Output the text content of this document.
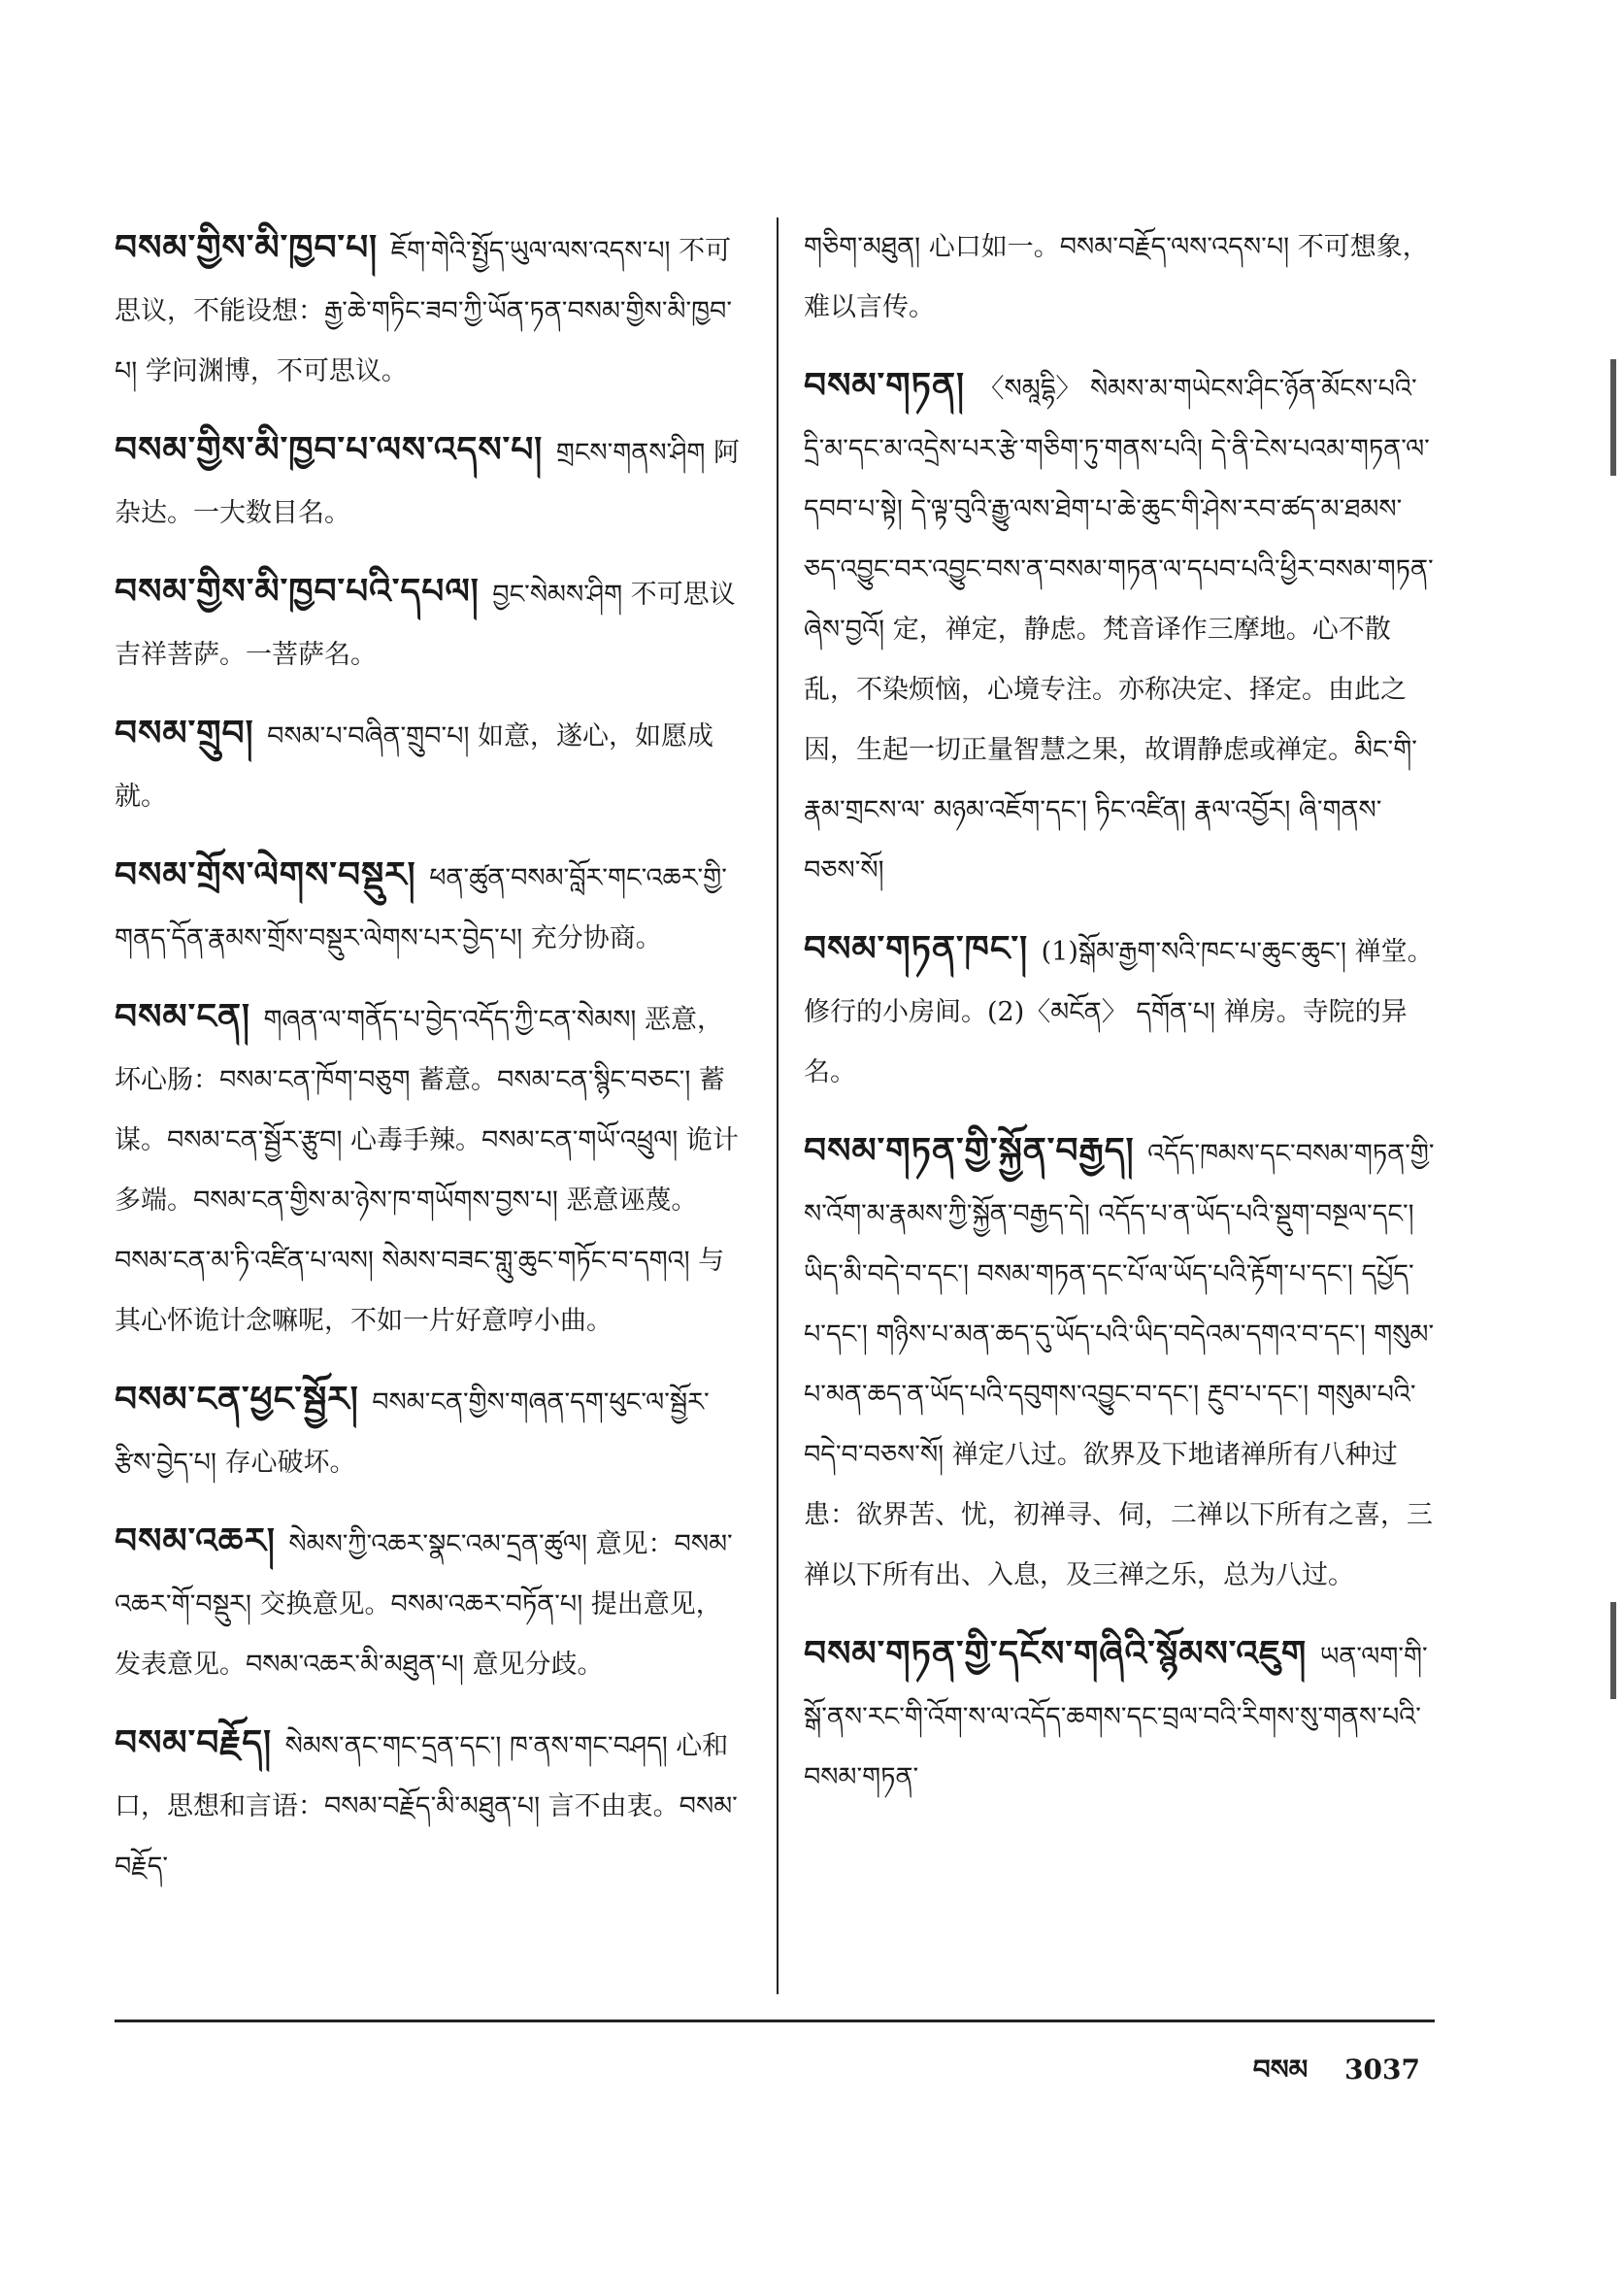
བསམ་གྱིས་མི་ཁྱབ་པ། ཇོག་གེའི་སྤྱོད་ཡུལ་ལས་འདས་པ། 不可思议，不能设想：རྒྱ་ཆེ་གཏིང་ཟབ་ཀྱི་ཡོན་ཏན་བསམ་གྱིས་མི་ཁྱབ་པ། 学问渊博，不可思议。
བསམ་གྱིས་མི་ཁྱབ་པ་ལས་འདས་པ། གྲངས་གནས་ཤིག 阿杂达。一大数目名。
བསམ་གྱིས་མི་ཁྱབ་པའི་དཔལ། བྱང་སེམས་ཤིག 不可思议吉祥菩萨。一菩萨名。
བསམ་གྲུབ། བསམ་པ་བཞིན་གྲུབ་པ། 如意，遂心，如愿成就。
བསམ་གྲོས་ལེགས་བསྡུར། ཕན་ཚུན་བསམ་བློར་གང་འཆར་གྱི་གནད་དོན་རྣམས་གྲོས་བསྡུར་ལེགས་པར་བྱེད་པ། 充分协商。
བསམ་ངན། གཞན་ལ་གནོད་པ་བྱེད་འདོད་ཀྱི་ངན་སེམས། 恶意，坏心肠：བསམ་ངན་ཁོག་བཅུག 蓄意。བསམ་ངན་སྙིང་བཅང་། 蓄谋。བསམ་ངན་སྦྱོར་རྩུབ། 心毒手辣。བསམ་ངན་གཡོ་འཕྲུལ། 诡计多端。བསམ་ངན་གྱིས་མ་ཉེས་ཁ་གཡོགས་བྱས་པ། 恶意诬蔑。བསམ་ངན་མ་ཏི་འཛིན་པ་ལས། སེམས་བཟང་གླུ་ཆུང་གཏོང་བ་དགའ། 与其心怀诡计念嘛呢，不如一片好意哼小曲。
བསམ་ངན་ཕྱང་སྦྱོར། བསམ་ངན་གྱིས་གཞན་དག་ཕུང་ལ་སྦྱོར་རྩིས་བྱེད་པ། 存心破坏。
བསམ་འཆར། སེམས་ཀྱི་འཆར་སྣང་འམ་དྲན་ཚུལ། 意见：བསམ་འཆར་གོ་བསྡུར། 交换意见。བསམ་འཆར་བཏོན་པ། 提出意见，发表意见。བསམ་འཆར་མི་མཐུན་པ། 意见分歧。
བསམ་བརྗོད། སེམས་ནང་གང་དྲན་དང་། ཁ་ནས་གང་བཤད། 心和口，思想和言语：བསམ་བརྗོད་མི་མཐུན་པ། 言不由衷。བསམ་བརྗོད་
གཅིག་མཐུན། 心口如一。བསམ་བརྗོད་ལས་འདས་པ། 不可想象，难以言传。
བསམ་གཏན། 〈སམཱདྷི〉 སེམས་མ་གཡེངས་ཤིང་ཉོན་མོངས་པའི་དྲི་མ་དང་མ་འདྲེས་པར་རྩེ་གཅིག་ཏུ་གནས་པའི། དེ་ནི་ངེས་པའམ་གཏན་ལ་དབབ་པ་སྟེ། དེ་ལྟ་བུའི་རྒྱུ་ལས་ཐེག་པ་ཆེ་ཆུང་གི་ཤེས་རབ་ཚད་མ་ཐམས་ཅད་འབྱུང་བར་འབྱུང་བས་ན་བསམ་གཏན་ལ་དཔབ་པའི་ཕྱིར་བསམ་གཏན་ཞེས་བྱའོ། 定，禅定，静虑。梵音译作三摩地。心不散乱，不染烦恼，心境专注。亦称决定、择定。由此之因，生起一切正量智慧之果，故谓静虑或禅定。མིང་གི་རྣམ་གྲངས་ལ་ མཉམ་འཇོག་དང་། ཏིང་འཛིན། རྣལ་འབྱོར། ཞི་གནས་བཅས་སོ།
བསམ་གཏན་ཁང་། (1)སྒོམ་རྒྱག་སའི་ཁང་པ་ཆུང་ཆུང་། 禅堂。修行的小房间。(2)〈མངོན〉 དགོན་པ། 禅房。寺院的异名。
བསམ་གཏན་གྱི་སྐྱོན་བརྒྱད། འདོད་ཁམས་དང་བསམ་གཏན་གྱི་ས་འོག་མ་རྣམས་ཀྱི་སྐྱོན་བརྒྱད་དེ། འདོད་པ་ན་ཡོད་པའི་སྡུག་བསྔལ་དང་། ཡིད་མི་བདེ་བ་དང་། བསམ་གཏན་དང་པོ་ལ་ཡོད་པའི་རྟོག་པ་དང་། དཔྱོད་པ་དང་། གཉིས་པ་མན་ཆད་དུ་ཡོད་པའི་ཡིད་བདེའམ་དགའ་བ་དང་། གསུམ་པ་མན་ཆད་ན་ཡོད་པའི་དབུགས་འབྱུང་བ་དང་། རྔུབ་པ་དང་། གསུམ་པའི་བདེ་བ་བཅས་སོ། 禅定八过。欲界及下地诸禅所有八种过患：欲界苦、忧，初禅寻、伺，二禅以下所有之喜，三禅以下所有出、入息，及三禅之乐，总为八过。
བསམ་གཏན་གྱི་དངོས་གཞིའི་སྙོམས་འཇུག ཡན་ལག་གི་སྒོ་ནས་རང་གི་འོག་ས་ལ་འདོད་ཆགས་དང་བྲལ་བའི་རིགས་སུ་གནས་པའི་བསམ་གཏན་
བསམ 3037
